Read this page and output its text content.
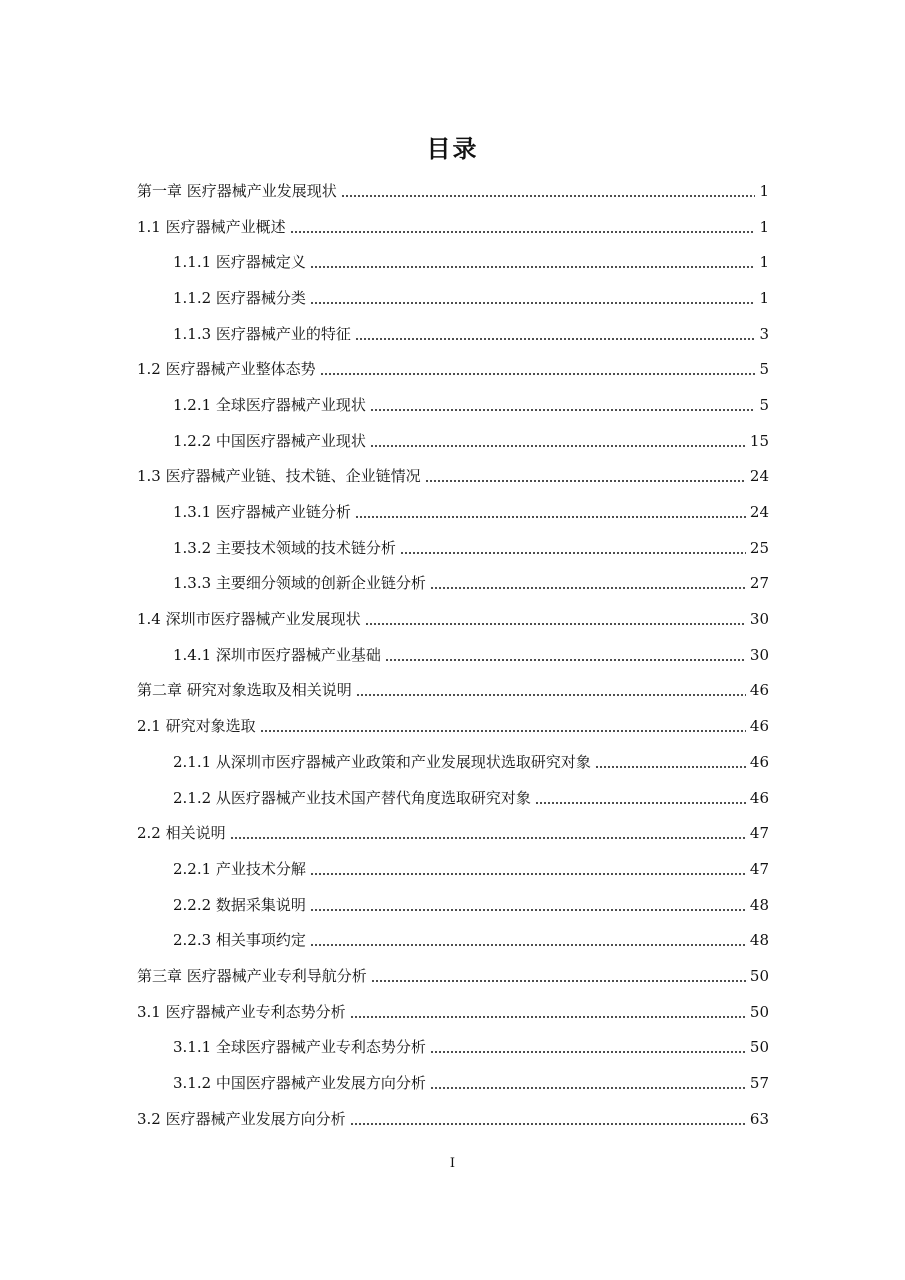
目录
第一章 医疗器械产业发展现状	1
1.1 医疗器械产业概述	1
1.1.1 医疗器械定义	1
1.1.2 医疗器械分类	1
1.1.3 医疗器械产业的特征	3
1.2 医疗器械产业整体态势	5
1.2.1 全球医疗器械产业现状	5
1.2.2 中国医疗器械产业现状	15
1.3 医疗器械产业链、技术链、企业链情况	24
1.3.1 医疗器械产业链分析	24
1.3.2 主要技术领域的技术链分析	25
1.3.3 主要细分领域的创新企业链分析	27
1.4 深圳市医疗器械产业发展现状	30
1.4.1 深圳市医疗器械产业基础	30
第二章 研究对象选取及相关说明	46
2.1 研究对象选取	46
2.1.1 从深圳市医疗器械产业政策和产业发展现状选取研究对象	46
2.1.2 从医疗器械产业技术国产替代角度选取研究对象	46
2.2 相关说明	47
2.2.1 产业技术分解	47
2.2.2 数据采集说明	48
2.2.3 相关事项约定	48
第三章 医疗器械产业专利导航分析	50
3.1 医疗器械产业专利态势分析	50
3.1.1 全球医疗器械产业专利态势分析	50
3.1.2 中国医疗器械产业发展方向分析	57
3.2 医疗器械产业发展方向分析	63
I
